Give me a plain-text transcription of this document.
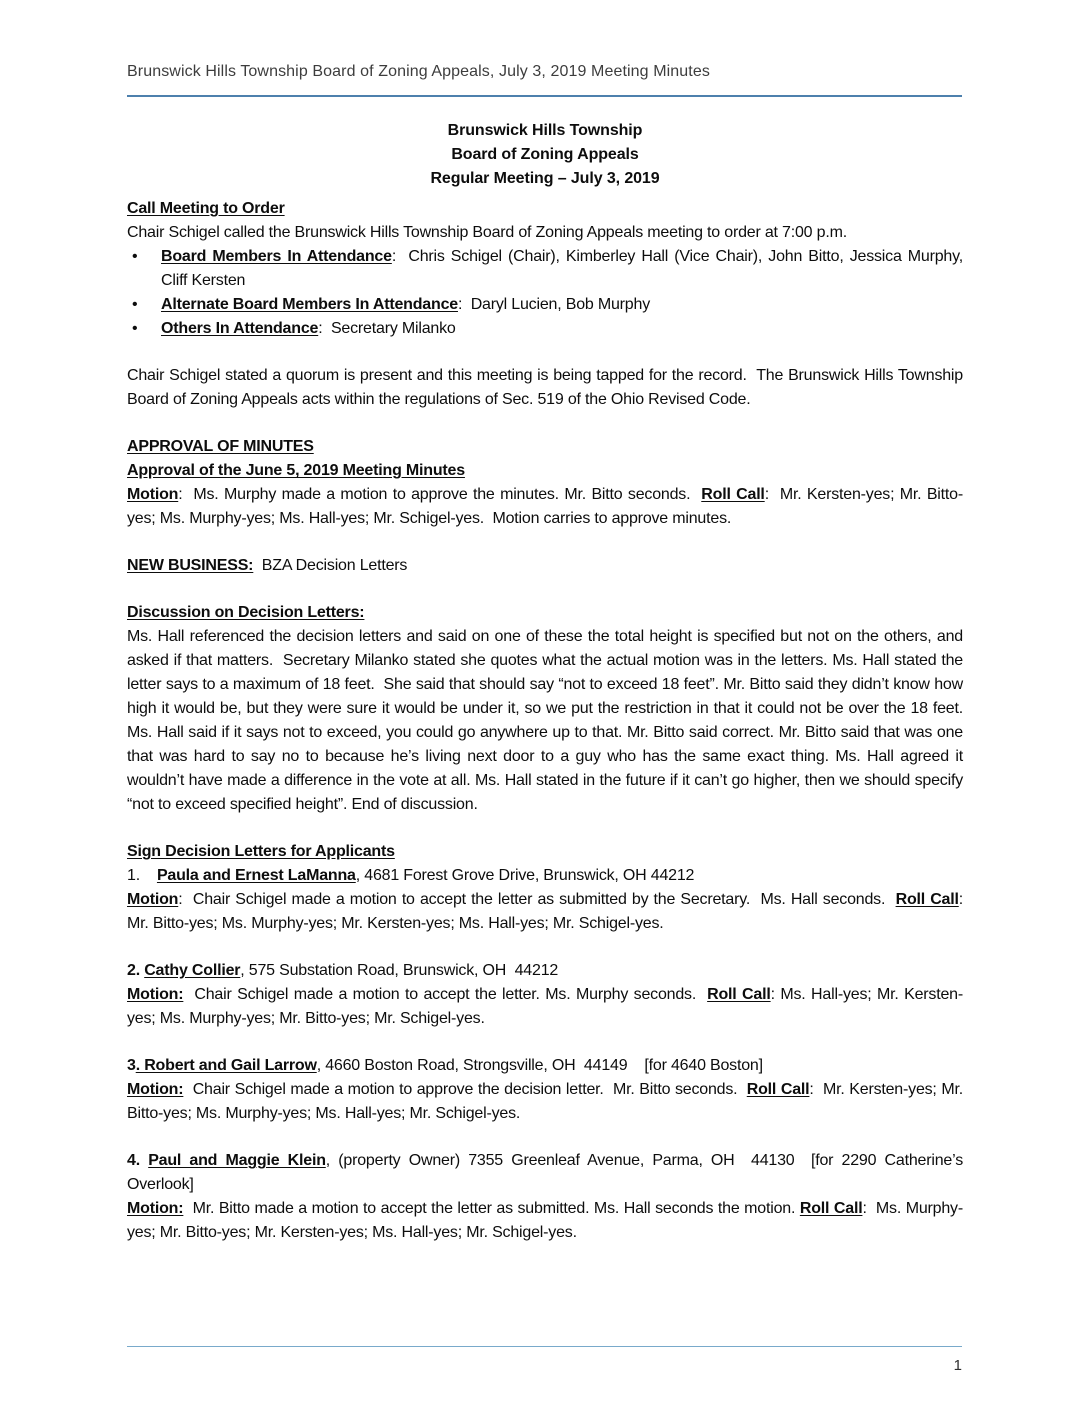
Brunswick Hills Township Board of Zoning Appeals, July 3, 2019 Meeting Minutes
Brunswick Hills Township
Board of Zoning Appeals
Regular Meeting – July 3, 2019
Call Meeting to Order
Chair Schigel called the Brunswick Hills Township Board of Zoning Appeals meeting to order at 7:00 p.m.
• Board Members In Attendance:  Chris Schigel (Chair), Kimberley Hall (Vice Chair), John Bitto, Jessica Murphy, Cliff Kersten
• Alternate Board Members In Attendance:  Daryl Lucien, Bob Murphy
• Others In Attendance:  Secretary Milanko
Chair Schigel stated a quorum is present and this meeting is being tapped for the record.  The Brunswick Hills Township Board of Zoning Appeals acts within the regulations of Sec. 519 of the Ohio Revised Code.
APPROVAL OF MINUTES
Approval of the June 5, 2019 Meeting Minutes
Motion:  Ms. Murphy made a motion to approve the minutes. Mr. Bitto seconds.  Roll Call:  Mr. Kersten-yes; Mr. Bitto-yes; Ms. Murphy-yes; Ms. Hall-yes; Mr. Schigel-yes.  Motion carries to approve minutes.
NEW BUSINESS:  BZA Decision Letters
Discussion on Decision Letters:
Ms. Hall referenced the decision letters and said on one of these the total height is specified but not on the others, and asked if that matters.  Secretary Milanko stated she quotes what the actual motion was in the letters. Ms. Hall stated the letter says to a maximum of 18 feet.  She said that should say “not to exceed 18 feet”. Mr. Bitto said they didn’t know how high it would be, but they were sure it would be under it, so we put the restriction in that it could not be over the 18 feet. Ms. Hall said if it says not to exceed, you could go anywhere up to that. Mr. Bitto said correct. Mr. Bitto said that was one that was hard to say no to because he’s living next door to a guy who has the same exact thing. Ms. Hall agreed it wouldn’t have made a difference in the vote at all. Ms. Hall stated in the future if it can’t go higher, then we should specify “not to exceed specified height”. End of discussion.
Sign Decision Letters for Applicants
1.    Paula and Ernest LaManna, 4681 Forest Grove Drive, Brunswick, OH 44212
Motion:  Chair Schigel made a motion to accept the letter as submitted by the Secretary.  Ms. Hall seconds.  Roll Call:  Mr. Bitto-yes; Ms. Murphy-yes; Mr. Kersten-yes; Ms. Hall-yes; Mr. Schigel-yes.
2. Cathy Collier, 575 Substation Road, Brunswick, OH  44212
Motion:  Chair Schigel made a motion to accept the letter. Ms. Murphy seconds.  Roll Call: Ms. Hall-yes; Mr. Kersten-yes; Ms. Murphy-yes; Mr. Bitto-yes; Mr. Schigel-yes.
3. Robert and Gail Larrow, 4660 Boston Road, Strongsville, OH  44149    [for 4640 Boston]
Motion:  Chair Schigel made a motion to approve the decision letter.  Mr. Bitto seconds.  Roll Call:  Mr. Kersten-yes; Mr. Bitto-yes; Ms. Murphy-yes; Ms. Hall-yes; Mr. Schigel-yes.
4. Paul and Maggie Klein, (property Owner) 7355 Greenleaf Avenue, Parma, OH  44130  [for 2290 Catherine’s Overlook]
Motion:  Mr. Bitto made a motion to accept the letter as submitted. Ms. Hall seconds the motion. Roll Call:  Ms. Murphy-yes; Mr. Bitto-yes; Mr. Kersten-yes; Ms. Hall-yes; Mr. Schigel-yes.
1
